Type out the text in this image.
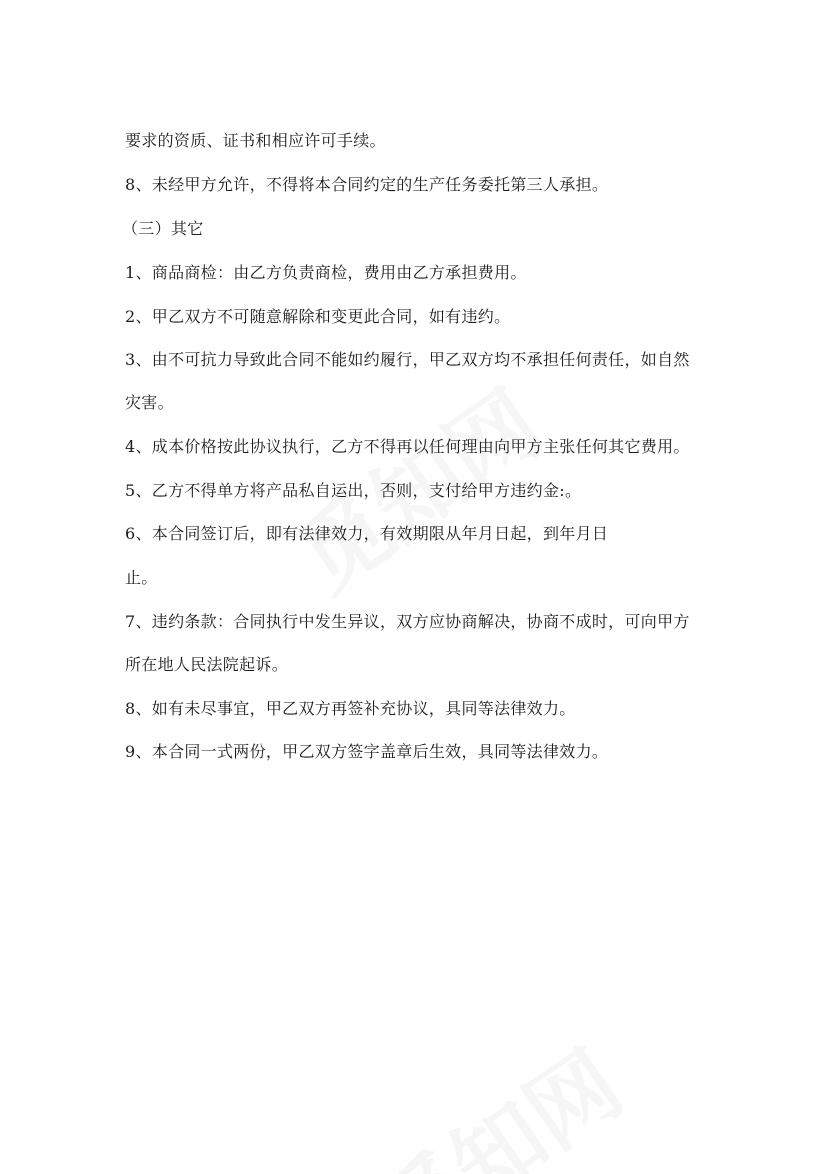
要求的资质、证书和相应许可手续。

8、未经甲方允许，不得将本合同约定的生产任务委托第三人承担。

（三）其它

1、商品商检：由乙方负责商检，费用由乙方承担费用。

2、甲乙双方不可随意解除和变更此合同，如有违约。

3、由不可抗力导致此合同不能如约履行，甲乙双方均不承担任何责任，如自然

灾害。

4、成本价格按此协议执行，乙方不得再以任何理由向甲方主张任何其它费用。

5、乙方不得单方将产品私自运出，否则，支付给甲方违约金:。

6、本合同签订后，即有法律效力，有效期限从年月日起，到年月日

止。

7、违约条款：合同执行中发生异议，双方应协商解决，协商不成时，可向甲方

所在地人民法院起诉。

8、如有未尽事宜，甲乙双方再签补充协议，具同等法律效力。

9、本合同一式两份，甲乙双方签字盖章后生效，具同等法律效力。
